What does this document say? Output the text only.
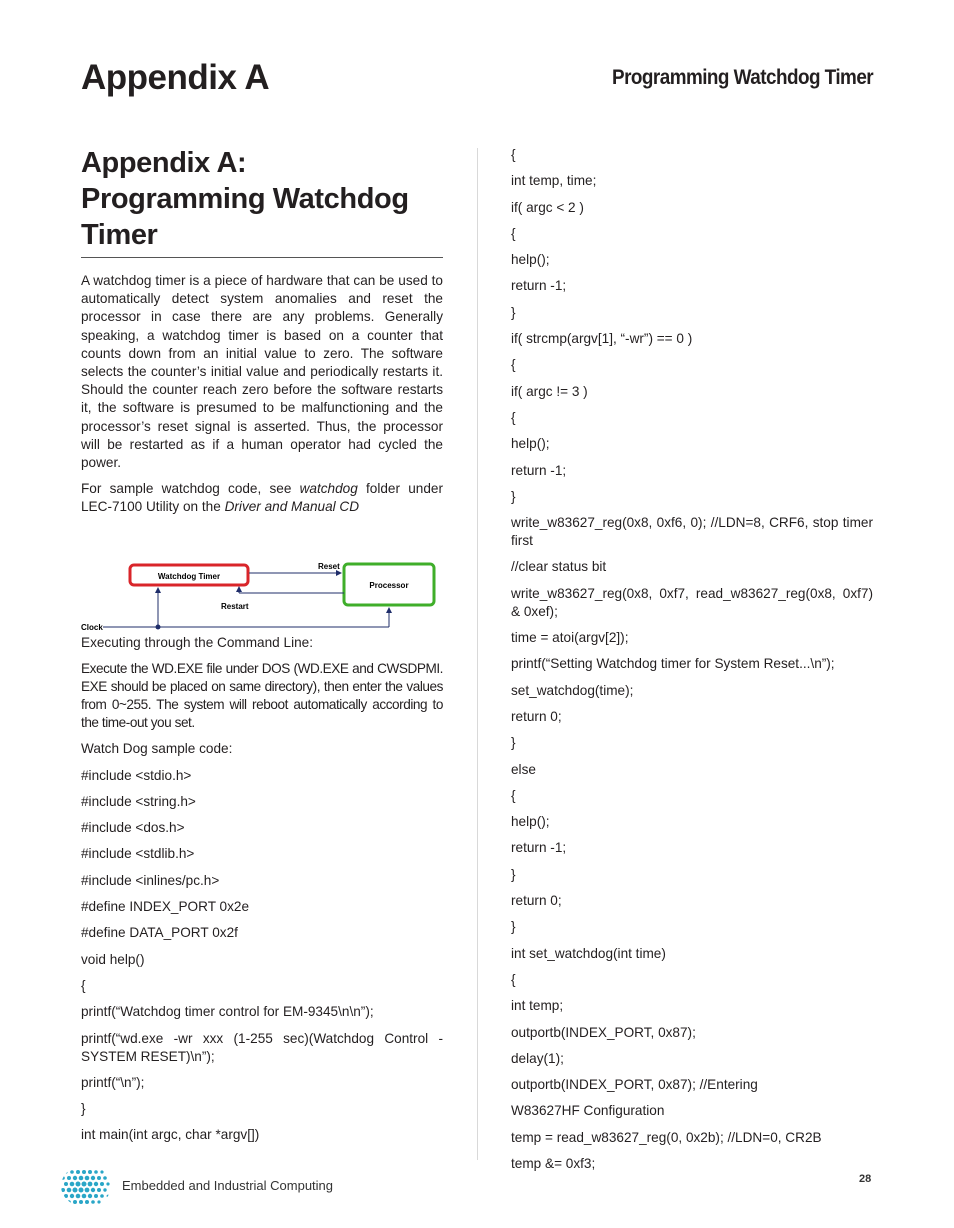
Appendix A	Programming Watchdog Timer
Appendix A:
Programming Watchdog
Timer

A watchdog timer is a piece of hardware that can be used to automatically detect system anomalies and reset the processor in case there are any problems. Generally speaking, a watchdog timer is based on a counter that counts down from an initial value to zero. The software selects the counter’s initial value and periodically restarts it. Should the counter reach zero before the software restarts it, the software is presumed to be malfunctioning and the processor’s reset signal is asserted. Thus, the processor will be restarted as if a human operator had cycled the power.

For sample watchdog code, see watchdog folder under LEC-7100 Utility on the Driver and Manual CD

Watchdog Timer
Processor
Reset
Restart
Clock
Executing through the Command Line:
Execute the WD.EXE file under DOS (WD.EXE and CWSDPMI. EXE should be placed on same directory), then enter the values from 0~255. The system will reboot automatically according to the time-out you set.
Watch Dog sample code:
#include <stdio.h>
#include <string.h>
#include <dos.h>
#include <stdlib.h>
#include <inlines/pc.h>
#define INDEX_PORT 0x2e
#define DATA_PORT 0x2f
void help()
{
printf(“Watchdog timer control for EM-9345\n\n”);
printf(“wd.exe -wr xxx (1-255 sec)(Watchdog Control - SYSTEM RESET)\n”);
printf(“\n”);
}
int main(int argc, char *argv[])
{
int temp, time;
if( argc < 2 )
{
help();
return -1;
}
if( strcmp(argv[1], “-wr”) == 0 )
{
if( argc != 3 )
{
help();
return -1;
}
write_w83627_reg(0x8, 0xf6, 0); //LDN=8, CRF6, stop timer first
//clear status bit
write_w83627_reg(0x8, 0xf7, read_w83627_reg(0x8, 0xf7) & 0xef);
time = atoi(argv[2]);
printf(“Setting Watchdog timer for System Reset...\n”);
set_watchdog(time);
return 0;
}
else
{
help();
return -1;
}
return 0;
}
int set_watchdog(int time)
{
int temp;
outportb(INDEX_PORT, 0x87);
delay(1);
outportb(INDEX_PORT, 0x87); //Entering
W83627HF Configuration
temp = read_w83627_reg(0, 0x2b); //LDN=0, CR2B
temp &= 0xf3;
Embedded and Industrial Computing	28
